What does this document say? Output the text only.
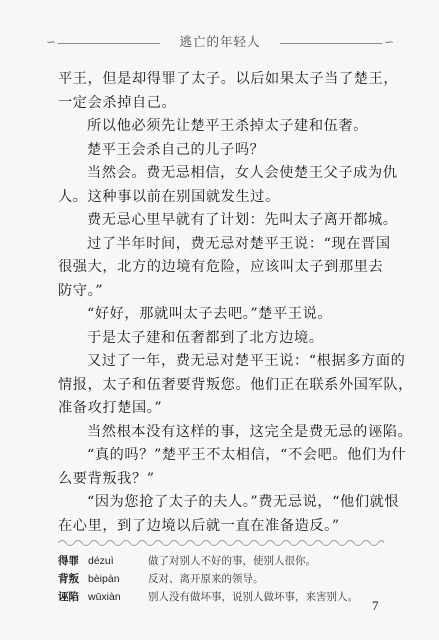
∽	逃亡的年轻人	∽
平王，但是却得罪了太子。以后如果太子当了楚王，
一定会杀掉自己。
所以他必须先让楚平王杀掉太子建和伍奢。
楚平王会杀自己的儿子吗？
当然会。费无忌相信，女人会使楚王父子成为仇
人。这种事以前在别国就发生过。
费无忌心里早就有了计划：先叫太子离开都城。
过了半年时间，费无忌对楚平王说：“现在晋国
很强大，北方的边境有危险，应该叫太子到那里去
防守。”
“好好，那就叫太子去吧。”楚平王说。
于是太子建和伍奢都到了北方边境。
又过了一年，费无忌对楚平王说：“根据多方面的
情报，太子和伍奢要背叛您。他们正在联系外国军队，
准备攻打楚国。”
当然根本没有这样的事，这完全是费无忌的诬陷。
“真的吗？”楚平王不太相信，“不会吧。他们为什
么要背叛我？”
“因为您抢了太子的夫人。”费无忌说，“他们就恨
在心里，到了边境以后就一直在准备造反。”
得罪 dézuì	做了对别人不好的事，使别人很你。
背叛 bèipàn	反对、离开原来的领导。
诬陷 wūxiàn	别人没有做坏事，说别人做坏事，来害别人。
7
